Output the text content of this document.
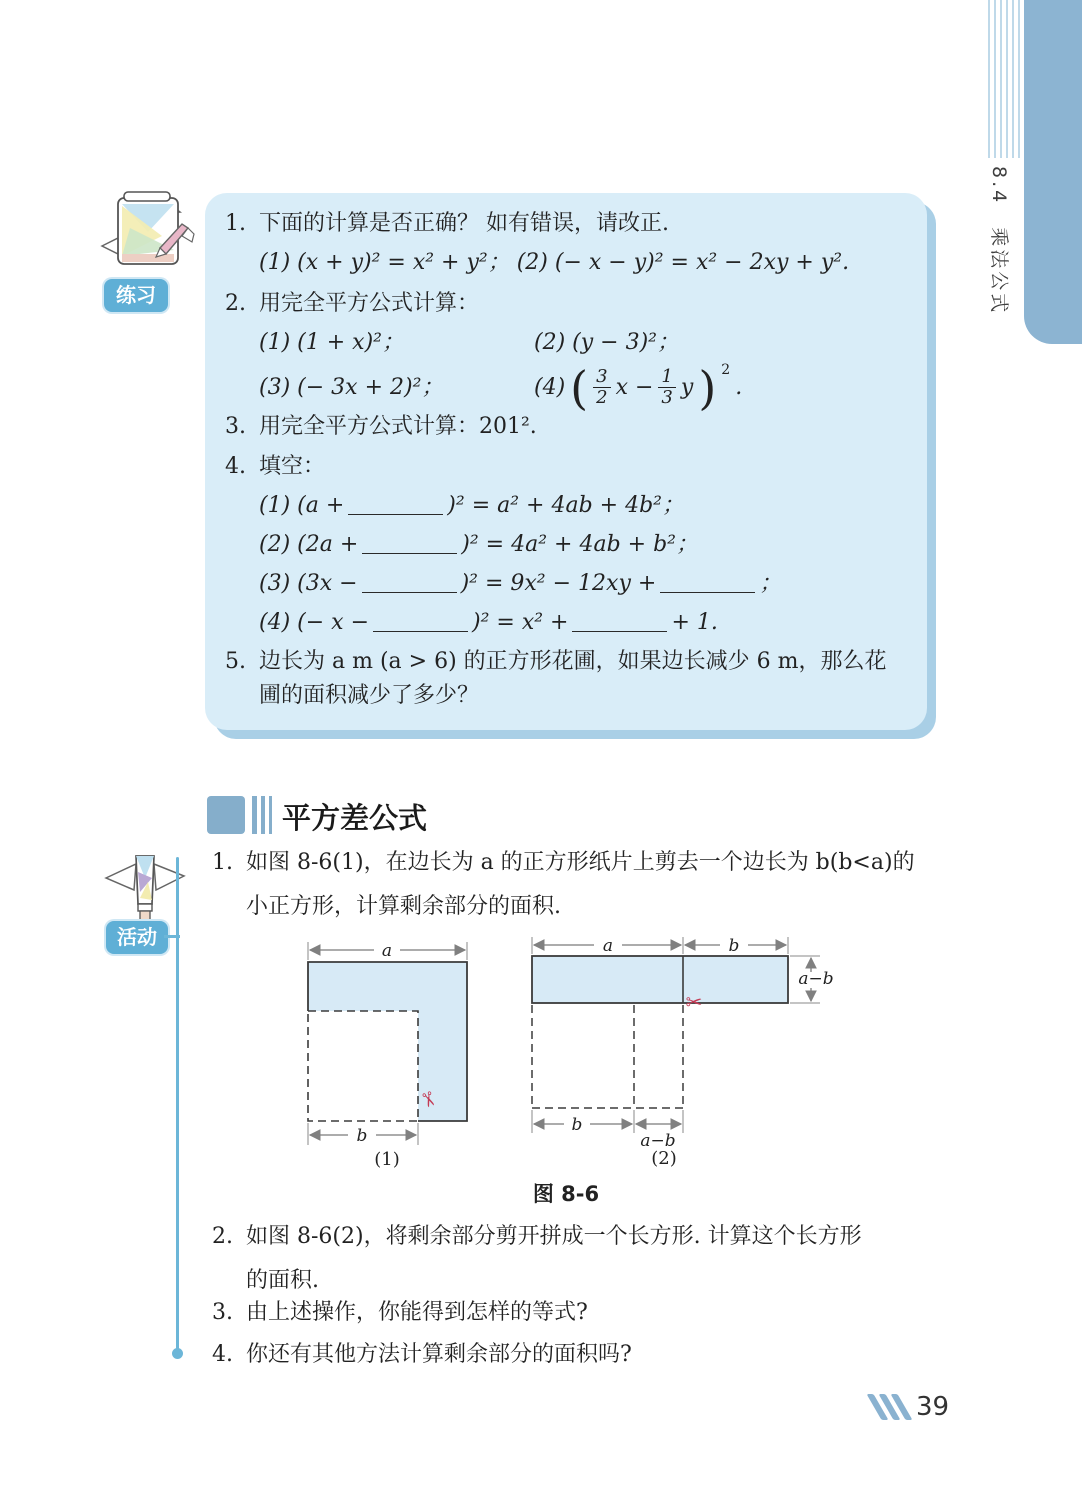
8.4　乘法公式
练习
1. 下面的计算是否正确？ 如有错误，请改正.
(1) (x + y)² = x² + y²； (2) (− x − y)² = x² − 2xy + y².
2. 用完全平方公式计算：
(1) (1 + x)²；	(2) (y − 3)²；
(3) (− 3x + 2)²；	(4) ( $\frac{3}{2}$ $x - \frac{1}{3}$ y ) 2
.
3. 用完全平方公式计算：201².
4. 填空：
(1) (a +	)² = a² + 4ab + 4b²；
(2) (2a +	)² = 4a² + 4ab + b²；
(3) (3x −	)² = 9x² − 12xy +	；
(4) (− x −	)² = x² +	+ 1.
5. 边长为 a m (a > 6) 的正方形花圃，如果边长减少 6 m，那么花
圃的面积减少了多少？
平方差公式
活动
1. 如图 8-6(1)，在边长为 a 的正方形纸片上剪去一个边长为 b(b<a)的
小正方形，计算剩余部分的面积.
a
b
✂
(1)
a	b
a−b
b
a−b
✂
(2)
图 8-6
2. 如图 8-6(2)，将剩余部分剪开拼成一个长方形. 计算这个长方形
的面积.
3. 由上述操作，你能得到怎样的等式?
4. 你还有其他方法计算剩余部分的面积吗?
39
